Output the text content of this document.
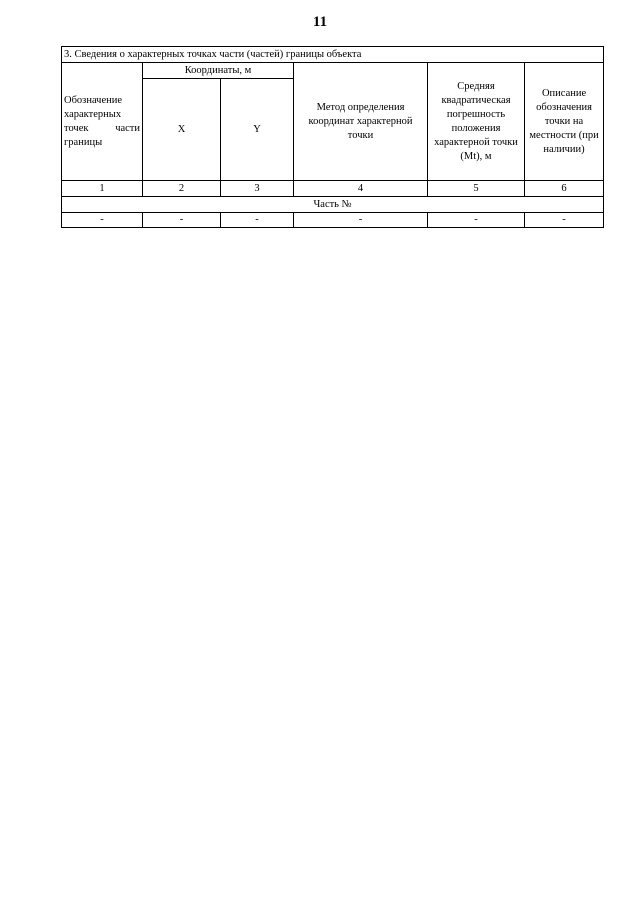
11
3. Сведения о характерных точках части (частей) границы объекта					
Обозначение характерных точек части границы	Координаты, м		Метод определения координат характерной точки	Средняя квадратическая погрешность положения характерной точки (Mt), м	Описание обозначения точки на местности (при наличии)
	X	Y			
1	2	3	4	5	6
Часть №					
-	-	-	-	-	-
